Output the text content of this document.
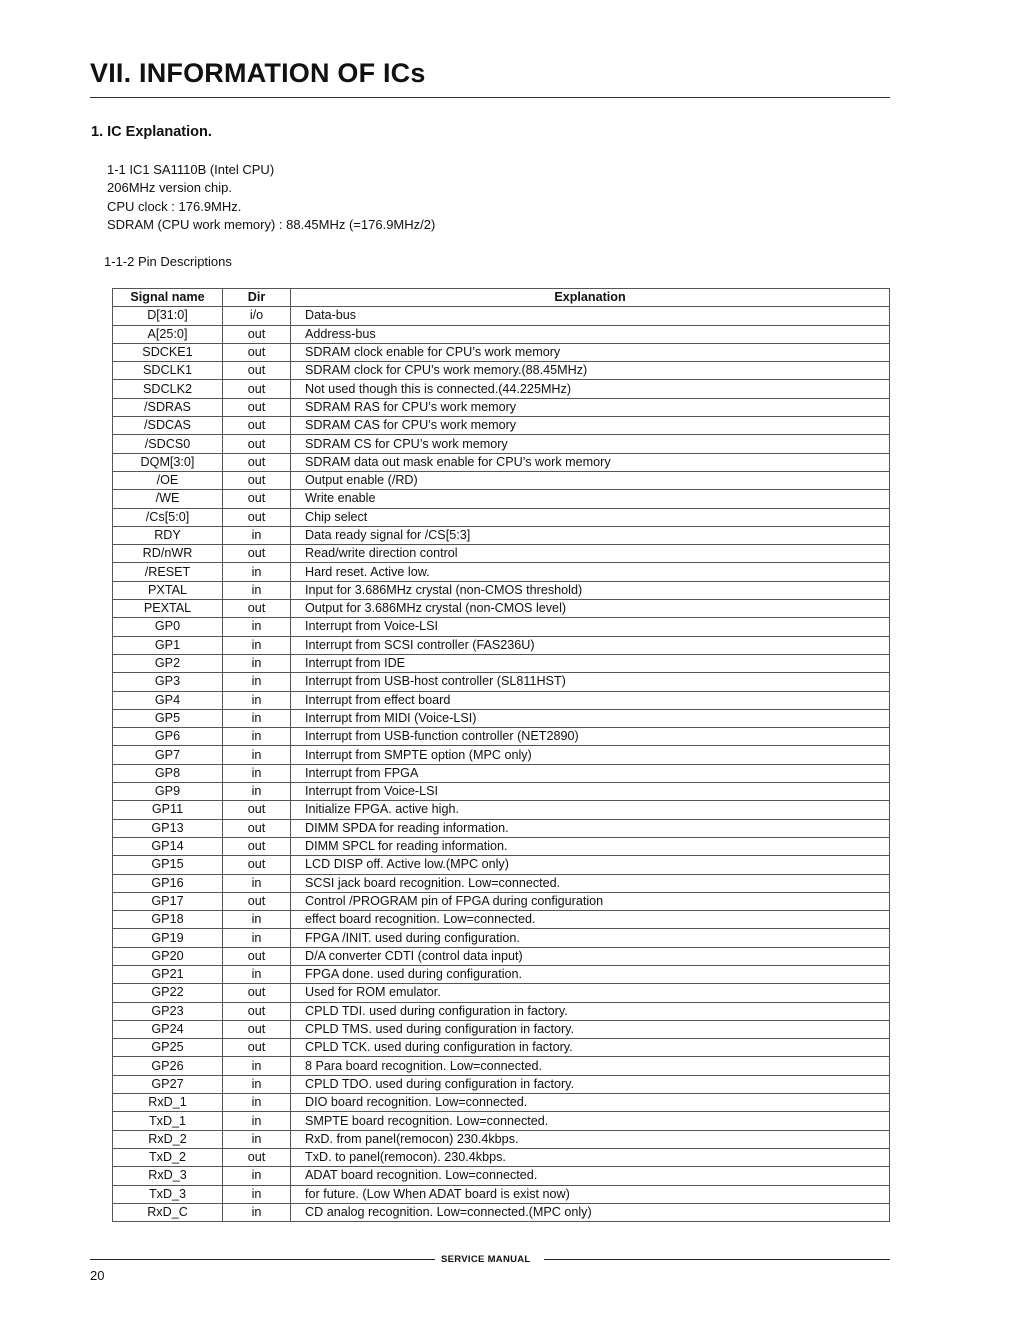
VII. INFORMATION OF ICs
1. IC Explanation.
1-1 IC1 SA1110B (Intel CPU)
206MHz version chip.
CPU clock : 176.9MHz.
SDRAM (CPU work memory) : 88.45MHz (=176.9MHz/2)
1-1-2 Pin Descriptions
Signal name	Dir	Explanation
D[31:0]	i/o	Data-bus
A[25:0]	out	Address-bus
SDCKE1	out	SDRAM clock enable for CPU’s work memory
SDCLK1	out	SDRAM clock for CPU’s work memory.(88.45MHz)
SDCLK2	out	Not used though this is connected.(44.225MHz)
/SDRAS	out	SDRAM RAS for CPU’s work memory
/SDCAS	out	SDRAM CAS for CPU’s work memory
/SDCS0	out	SDRAM CS for CPU’s work memory
DQM[3:0]	out	SDRAM data out mask enable for CPU’s work memory
/OE	out	Output enable (/RD)
/WE	out	Write enable
/Cs[5:0]	out	Chip select
RDY	in	Data ready signal for /CS[5:3]
RD/nWR	out	Read/write direction control
/RESET	in	Hard reset. Active low.
PXTAL	in	Input for 3.686MHz crystal (non-CMOS threshold)
PEXTAL	out	Output for 3.686MHz crystal (non-CMOS level)
GP0	in	Interrupt from Voice-LSI
GP1	in	Interrupt from SCSI controller (FAS236U)
GP2	in	Interrupt from IDE
GP3	in	Interrupt from USB-host controller (SL811HST)
GP4	in	Interrupt from effect board
GP5	in	Interrupt from MIDI (Voice-LSI)
GP6	in	Interrupt from USB-function controller (NET2890)
GP7	in	Interrupt from SMPTE option (MPC only)
GP8	in	Interrupt from FPGA
GP9	in	Interrupt from Voice-LSI
GP11	out	Initialize FPGA. active high.
GP13	out	DIMM SPDA for reading information.
GP14	out	DIMM SPCL for reading information.
GP15	out	LCD DISP off. Active low.(MPC only)
GP16	in	SCSI jack board recognition. Low=connected.
GP17	out	Control /PROGRAM pin of FPGA during configuration
GP18	in	effect board recognition. Low=connected.
GP19	in	FPGA /INIT. used during configuration.
GP20	out	D/A converter CDTI (control data input)
GP21	in	FPGA done. used during configuration.
GP22	out	Used for ROM emulator.
GP23	out	CPLD TDI. used during configuration in factory.
GP24	out	CPLD TMS. used during configuration in factory.
GP25	out	CPLD TCK. used during configuration in factory.
GP26	in	8 Para board recognition. Low=connected.
GP27	in	CPLD TDO. used during configuration in factory.
RxD_1	in	DIO board recognition. Low=connected.
TxD_1	in	SMPTE board recognition. Low=connected.
RxD_2	in	RxD. from panel(remocon) 230.4kbps.
TxD_2	out	TxD. to panel(remocon). 230.4kbps.
RxD_3	in	ADAT board recognition. Low=connected.
TxD_3	in	for future. (Low When ADAT board is exist now)
RxD_C	in	CD analog recognition. Low=connected.(MPC only)
SERVICE MANUAL
20
